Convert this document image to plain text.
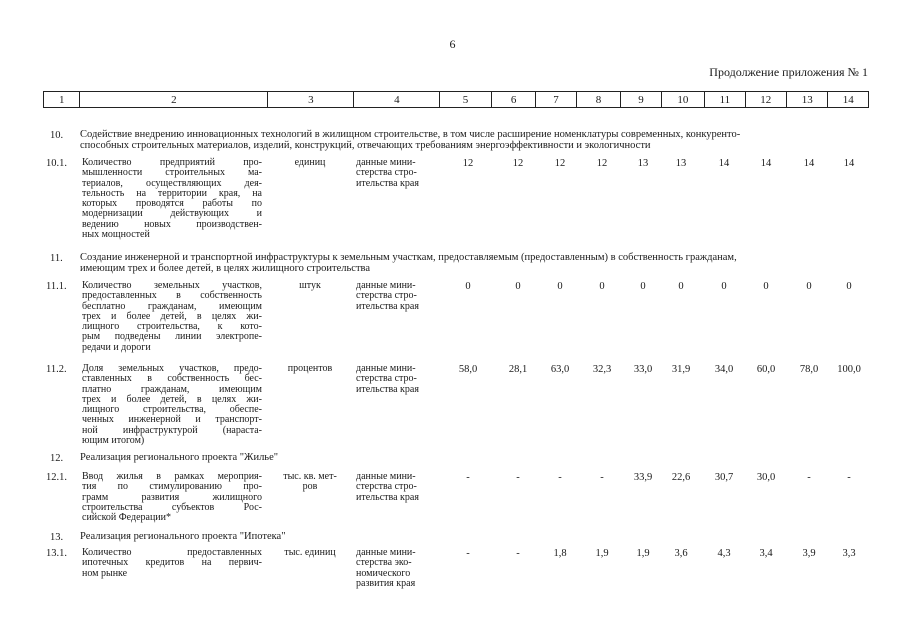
6
Продолжение приложения № 1
1	2	3	4	5	6	7	8	9	10	11	12	13	14
10. Содействие внедрению инновационных технологий в жилищном строительстве, в том числе расширение номенклатуры современных, конкуренто-
способных строительных материалов, изделий, конструкций, отвечающих требованиям энергоэффективности и экологичности
10.1. Количество предприятий про-
мышленности строительных ма-
териалов, осуществляющих дея-
тельность на территории края, на
которых проводятся работы по
модернизации действующих и
ведению новых производствен-
ных мощностей
единиц	данные мини-
стерства стро-
ительства края
12	12	12	12	13	13	14	14	14	14
11. Создание инженерной и транспортной инфраструктуры к земельным участкам, предоставляемым (предоставленным) в собственность гражданам,
имеющим трех и более детей, в целях жилищного строительства
11.1. Количество земельных участков,
предоставленных в собственность
бесплатно гражданам, имеющим
трех и более детей, в целях жи-
лищного строительства, к кото-
рым подведены линии электропе-
редачи и дороги
штук	данные мини-
стерства стро-
ительства края
0	0	0	0	0	0	0	0	0	0
11.2. Доля земельных участков, предо-
ставленных в собственность бес-
платно гражданам, имеющим
трех и более детей, в целях жи-
лищного строительства, обеспе-
ченных инженерной и транспорт-
ной инфраструктурой (нараста-
ющим итогом)
процентов	данные мини-
стерства стро-
ительства края
58,0	28,1	63,0	32,3	33,0	31,9	34,0	60,0	78,0	100,0
12. Реализация регионального проекта "Жилье"
12.1. Ввод жилья в рамках мероприя-
тия по стимулированию про-
грамм развития жилищного
строительства субъектов Рос-
сийской Федерации*
тыс. кв. мет-
ров
данные мини-
стерства стро-
ительства края
-	-	-	-	33,9	22,6	30,7	30,0	-	-
13. Реализация регионального проекта "Ипотека"
13.1. Количество предоставленных
ипотечных кредитов на первич-
ном рынке
тыс. единиц	данные мини-
стерства эко-
номического
развития края
-	-	1,8	1,9	1,9	3,6	4,3	3,4	3,9	3,3
